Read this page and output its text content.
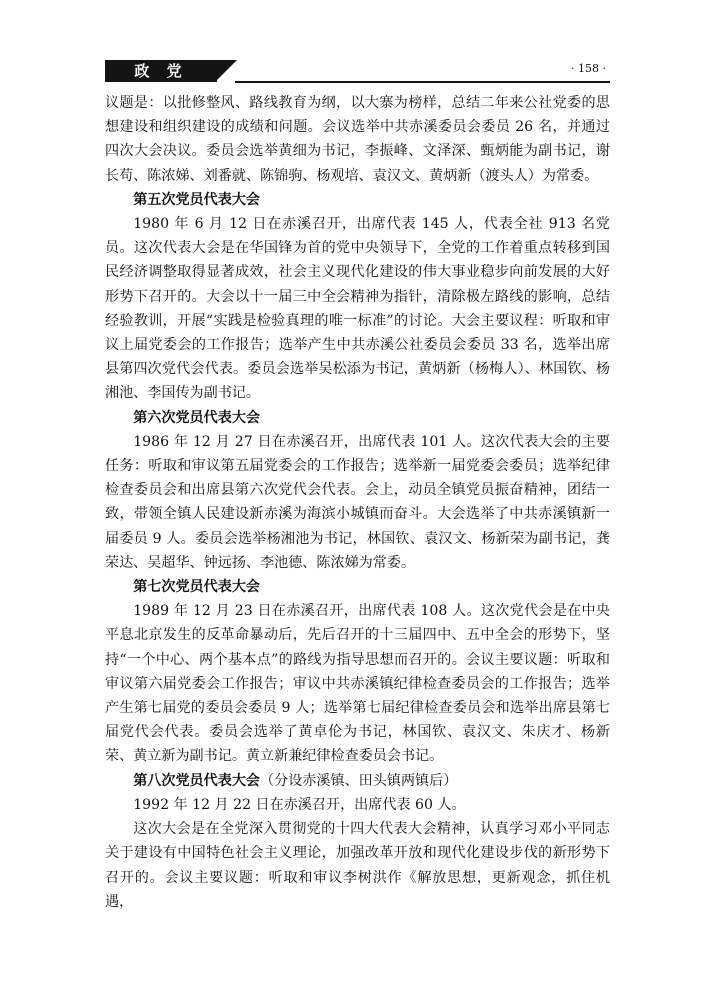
政 党	· 158 ·

议题是：以批修整风、路线教育为纲，以大寨为榜样，总结二年来公社党委的思想建设和组织建设的成绩和问题。会议选举中共赤溪委员会委员 26 名，并通过四次大会决议。委员会选举黄细为书记，李振峰、文泽深、甄炳能为副书记，谢长苟、陈浓娣、刘番就、陈锦驹、杨观培、袁汉文、黄炳新（渡头人）为常委。

第五次党员代表大会

1980 年 6 月 12 日在赤溪召开，出席代表 145 人，代表全社 913 名党员。这次代表大会是在华国锋为首的党中央领导下，全党的工作着重点转移到国民经济调整取得显著成效，社会主义现代化建设的伟大事业稳步向前发展的大好形势下召开的。大会以十一届三中全会精神为指针，清除极左路线的影响，总结经验教训，开展“实践是检验真理的唯一标准”的讨论。大会主要议程：听取和审议上届党委会的工作报告；选举产生中共赤溪公社委员会委员 33 名，选举出席县第四次党代会代表。委员会选举吴松添为书记，黄炳新（杨梅人）、林国钦、杨湘池、李国传为副书记。

第六次党员代表大会

1986 年 12 月 27 日在赤溪召开，出席代表 101 人。这次代表大会的主要任务：听取和审议第五届党委会的工作报告；选举新一届党委会委员；选举纪律检查委员会和出席县第六次党代会代表。会上，动员全镇党员振奋精神，团结一致，带领全镇人民建设新赤溪为海滨小城镇而奋斗。大会选举了中共赤溪镇新一届委员 9 人。委员会选举杨湘池为书记，林国钦、袁汉文、杨新荣为副书记，龚荣达、吴超华、钟远扬、李池德、陈浓娣为常委。

第七次党员代表大会

1989 年 12 月 23 日在赤溪召开，出席代表 108 人。这次党代会是在中央平息北京发生的反革命暴动后，先后召开的十三届四中、五中全会的形势下，坚持“一个中心、两个基本点”的路线为指导思想而召开的。会议主要议题：听取和审议第六届党委会工作报告；审议中共赤溪镇纪律检查委员会的工作报告；选举产生第七届党的委员会委员 9 人；选举第七届纪律检查委员会和选举出席县第七届党代会代表。委员会选举了黄卓伦为书记，林国钦、袁汉文、朱庆才、杨新荣、黄立新为副书记。黄立新兼纪律检查委员会书记。

第八次党员代表大会（分设赤溪镇、田头镇两镇后）

1992 年 12 月 22 日在赤溪召开，出席代表 60 人。

这次大会是在全党深入贯彻党的十四大代表大会精神，认真学习邓小平同志关于建设有中国特色社会主义理论，加强改革开放和现代化建设步伐的新形势下召开的。会议主要议题：听取和审议李树洪作《解放思想，更新观念，抓住机遇，
